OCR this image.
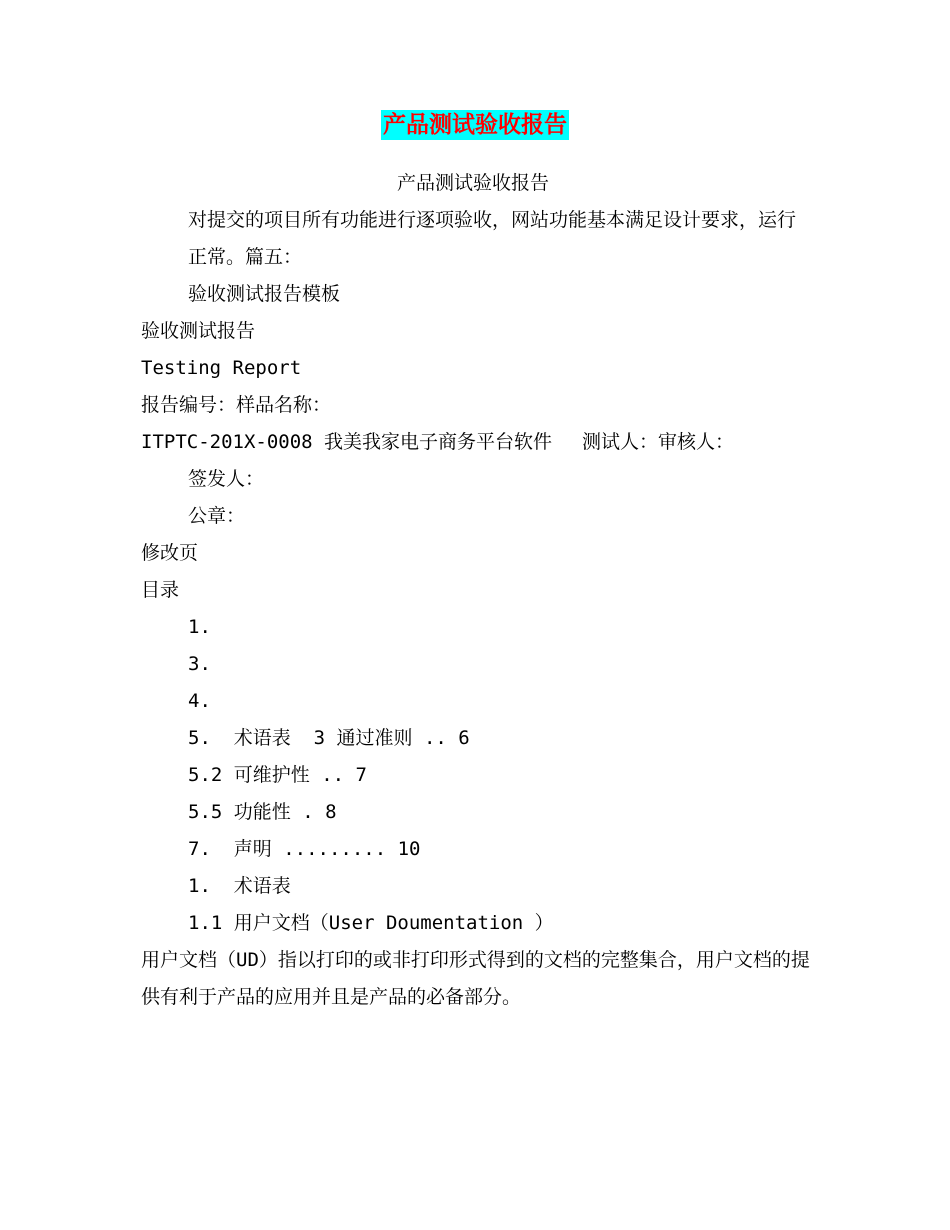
产品测试验收报告
产品测试验收报告
对提交的项目所有功能进行逐项验收，网站功能基本满足设计要求，运行正常。篇五：
验收测试报告模板
验收测试报告
Testing Report
报告编号：样品名称：
ITPTC-201X-0008 我美我家电子商务平台软件 测试人：审核人：
签发人：
公章：
修改页
目录
1.
3.
4.
5.  术语表  3 通过准则 .. 6
5.2 可维护性 .. 7
5.5 功能性 . 8
7.  声明 ......... 10
1.  术语表
1.1 用户文档（User Doumentation ）
用户文档（UD）指以打印的或非打印形式得到的文档的完整集合，用户文档的提供有利于产品的应用并且是产品的必备部分。
